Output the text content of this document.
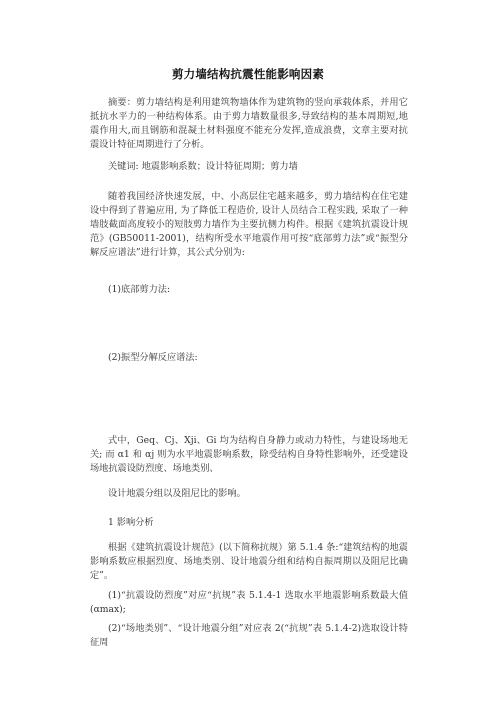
剪力墙结构抗震性能影响因素
摘要：剪力墙结构是利用建筑物墙体作为建筑物的竖向承载体系，并用它抵抗水平力的一种结构体系。由于剪力墙数量很多,导致结构的基本周期短,地震作用大,而且钢筋和混凝土材料强度不能充分发挥,造成浪费，文章主要对抗震设计特征周期进行了分析。
关键词: 地震影响系数；设计特征周期；剪力墙
随着我国经济快速发展，中、小高层住宅越来越多，剪力墙结构在住宅建设中得到了普遍应用, 为了降低工程造价, 设计人员结合工程实践, 采取了一种墙肢截面高度较小的短肢剪力墙作为主要抗侧力构件。根据《建筑抗震设计规范》(GB50011-2001)，结构所受水平地震作用可按“底部剪力法”或“振型分解反应谱法”进行计算，其公式分别为:
(1)底部剪力法:
(2)振型分解反应谱法:
式中，Geq、Cj、Xji、Gi 均为结构自身静力或动力特性，与建设场地无关; 而 α1 和 αj 则为水平地震影响系数，除受结构自身特性影响外，还受建设场地抗震设防烈度、场地类别、
设计地震分组以及阻尼比的影响。
1 影响分析
根据《建筑抗震设计规范》(以下简称抗规）第 5.1.4 条:“建筑结构的地震影响系数应根据烈度、场地类别、设计地震分组和结构自振周期以及阻尼比确定”。
(1)“抗震设防烈度”对应“抗规”表 5.1.4-1 选取水平地震影响系数最大值(αmax);
(2)“场地类别”、“设计地震分组”对应表 2(“抗规”表 5.1.4-2)选取设计特征周
